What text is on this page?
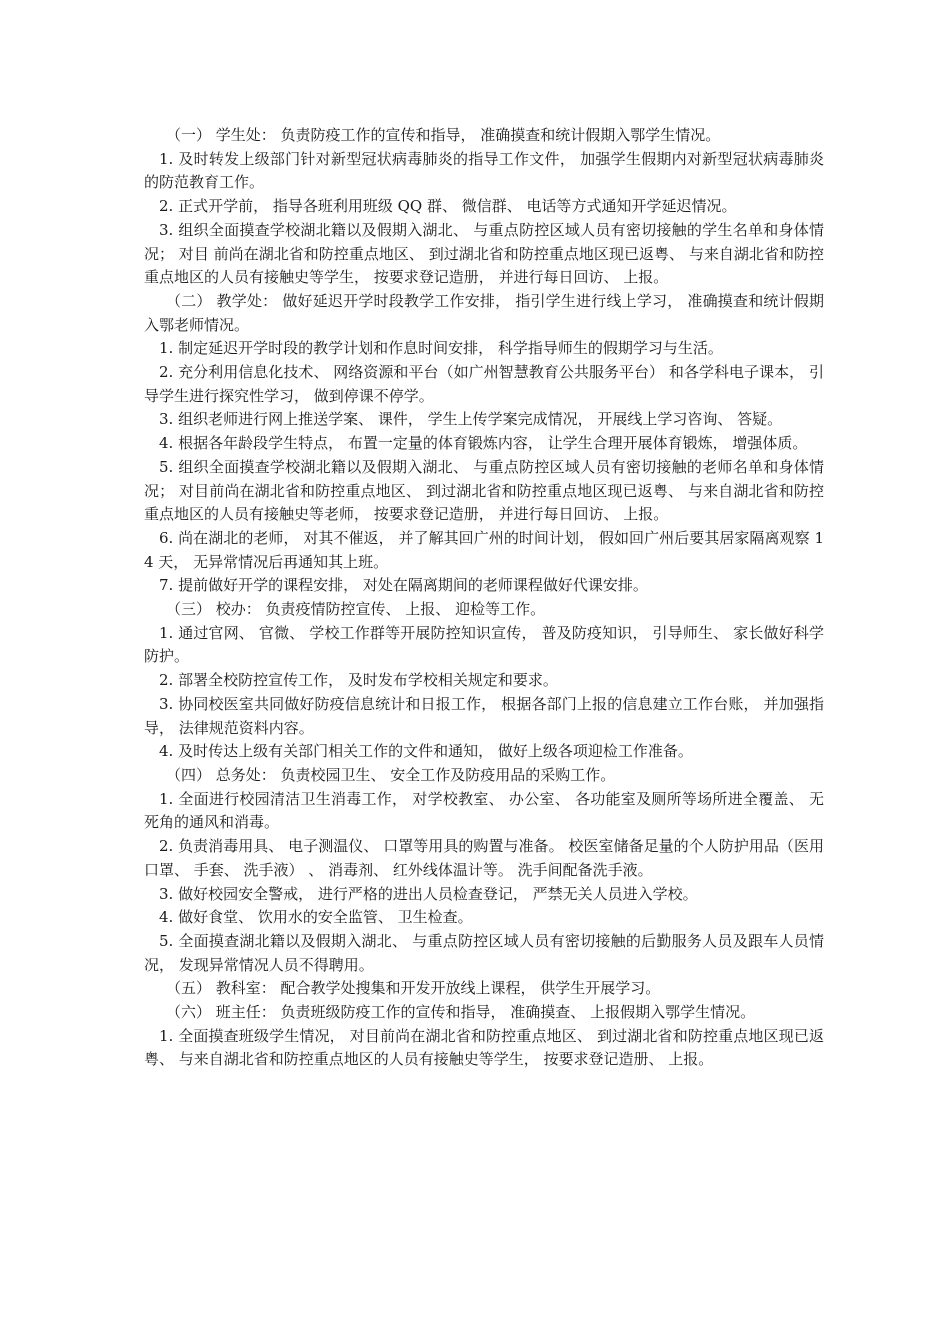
（一） 学生处： 负责防疫工作的宣传和指导， 准确摸查和统计假期入鄂学生情况。

1. 及时转发上级部门针对新型冠状病毒肺炎的指导工作文件， 加强学生假期内对新型冠状病毒肺炎的防范教育工作。

2. 正式开学前， 指导各班利用班级 QQ 群、 微信群、 电话等方式通知开学延迟情况。

3. 组织全面摸查学校湖北籍以及假期入湖北、 与重点防控区域人员有密切接触的学生名单和身体情况； 对目 前尚在湖北省和防控重点地区、 到过湖北省和防控重点地区现已返粤、 与来自湖北省和防控重点地区的人员有接触史等学生， 按要求登记造册， 并进行每日回访、 上报。

（二） 教学处： 做好延迟开学时段教学工作安排， 指引学生进行线上学习， 准确摸查和统计假期入鄂老师情况。

1. 制定延迟开学时段的教学计划和作息时间安排， 科学指导师生的假期学习与生活。

2. 充分利用信息化技术、 网络资源和平台（如广州智慧教育公共服务平台） 和各学科电子课本， 引导学生进行探究性学习， 做到停课不停学。

3. 组织老师进行网上推送学案、 课件， 学生上传学案完成情况， 开展线上学习咨询、 答疑。

4. 根据各年龄段学生特点， 布置一定量的体育锻炼内容， 让学生合理开展体育锻炼， 增强体质。

5. 组织全面摸查学校湖北籍以及假期入湖北、 与重点防控区域人员有密切接触的老师名单和身体情况； 对目前尚在湖北省和防控重点地区、 到过湖北省和防控重点地区现已返粤、 与来自湖北省和防控重点地区的人员有接触史等老师， 按要求登记造册， 并进行每日回访、 上报。

6. 尚在湖北的老师， 对其不催返， 并了解其回广州的时间计划， 假如回广州后要其居家隔离观察 14 天， 无异常情况后再通知其上班。

7. 提前做好开学的课程安排， 对处在隔离期间的老师课程做好代课安排。

（三） 校办： 负责疫情防控宣传、 上报、 迎检等工作。

1. 通过官网、 官微、 学校工作群等开展防控知识宣传， 普及防疫知识， 引导师生、 家长做好科学防护。

2. 部署全校防控宣传工作， 及时发布学校相关规定和要求。

3. 协同校医室共同做好防疫信息统计和日报工作， 根据各部门上报的信息建立工作台账， 并加强指导， 法律规范资料内容。

4. 及时传达上级有关部门相关工作的文件和通知， 做好上级各项迎检工作准备。

（四） 总务处： 负责校园卫生、 安全工作及防疫用品的采购工作。

1. 全面进行校园清洁卫生消毒工作， 对学校教室、 办公室、 各功能室及厕所等场所进全覆盖、 无死角的通风和消毒。

2. 负责消毒用具、 电子测温仪、 口罩等用具的购置与准备。 校医室储备足量的个人防护用品（医用口罩、 手套、 洗手液） 、 消毒剂、 红外线体温计等。 洗手间配备洗手液。

3. 做好校园安全警戒， 进行严格的进出人员检查登记， 严禁无关人员进入学校。

4. 做好食堂、 饮用水的安全监管、 卫生检查。

5. 全面摸查湖北籍以及假期入湖北、 与重点防控区域人员有密切接触的后勤服务人员及跟车人员情况， 发现异常情况人员不得聘用。

（五） 教科室： 配合教学处搜集和开发开放线上课程， 供学生开展学习。

（六） 班主任： 负责班级防疫工作的宣传和指导， 准确摸查、 上报假期入鄂学生情况。

1. 全面摸查班级学生情况， 对目前尚在湖北省和防控重点地区、 到过湖北省和防控重点地区现已返粤、 与来自湖北省和防控重点地区的人员有接触史等学生， 按要求登记造册、 上报。
